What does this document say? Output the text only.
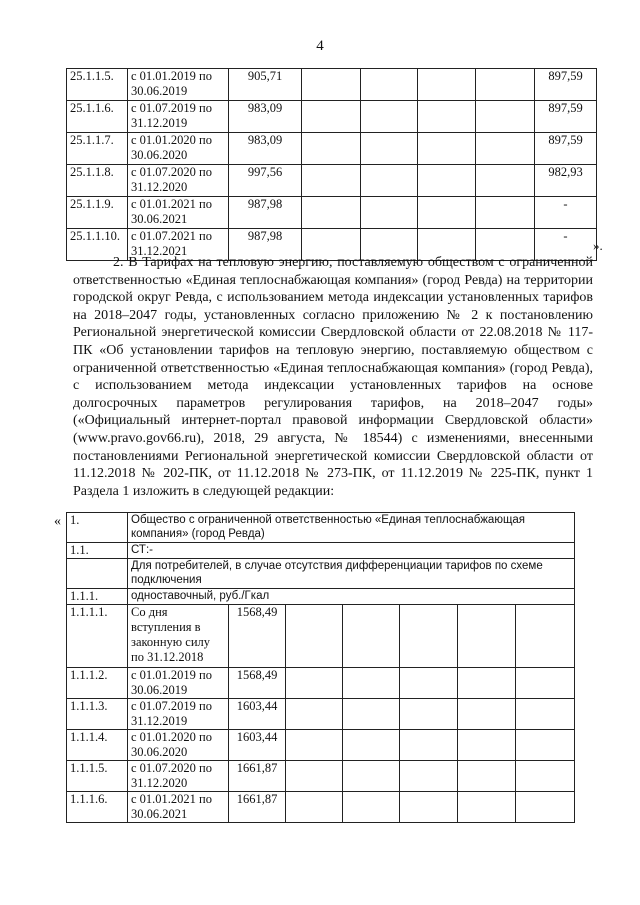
4
25.1.1.5.	с 01.01.2019 по 30.06.2019	905,71					897,59
25.1.1.6.	с 01.07.2019 по 31.12.2019	983,09					897,59
25.1.1.7.	с 01.01.2020 по 30.06.2020	983,09					897,59
25.1.1.8.	с 01.07.2020 по 31.12.2020	997,56					982,93
25.1.1.9.	с 01.01.2021 по 30.06.2021	987,98					-
25.1.1.10.	с 01.07.2021 по 31.12.2021	987,98					-
».

2. В Тарифах на тепловую энергию, поставляемую обществом с ограниченной ответственностью «Единая теплоснабжающая компания» (город Ревда) на территории городской округ Ревда, с использованием метода индексации установленных тарифов на 2018–2047 годы, установленных согласно приложению № 2 к постановлению Региональной энергетической комиссии Свердловской области от 22.08.2018 № 117-ПК «Об установлении тарифов на тепловую энергию, поставляемую обществом с ограниченной ответственностью «Единая теплоснабжающая компания» (город Ревда), с использованием метода индексации установленных тарифов на основе долгосрочных параметров регулирования тарифов, на 2018–2047 годы» («Официальный интернет-портал правовой информации Свердловской области» (www.pravo.gov66.ru), 2018, 29 августа, № 18544) с изменениями, внесенными постановлениями Региональной энергетической комиссии Свердловской области от 11.12.2018 № 202-ПК, от 11.12.2018 № 273-ПК, от 11.12.2019 № 225-ПК, пункт 1 Раздела 1 изложить в следующей редакции:

« 1.	Общество с ограниченной ответственностью «Единая теплоснабжающая компания» (город Ревда)						
1.1.	СТ:-						
	Для потребителей, в случае отсутствия дифференциации тарифов по схеме подключения						
1.1.1.	одноставочный, руб./Гкал						
1.1.1.1.	Со дня вступления в законную силу по 31.12.2018	1568,49					
1.1.1.2.	с 01.01.2019 по 30.06.2019	1568,49					
1.1.1.3.	с 01.07.2019 по 31.12.2019	1603,44					
1.1.1.4.	с 01.01.2020 по 30.06.2020	1603,44					
1.1.1.5.	с 01.07.2020 по 31.12.2020	1661,87					
1.1.1.6.	с 01.01.2021 по 30.06.2021	1661,87					
